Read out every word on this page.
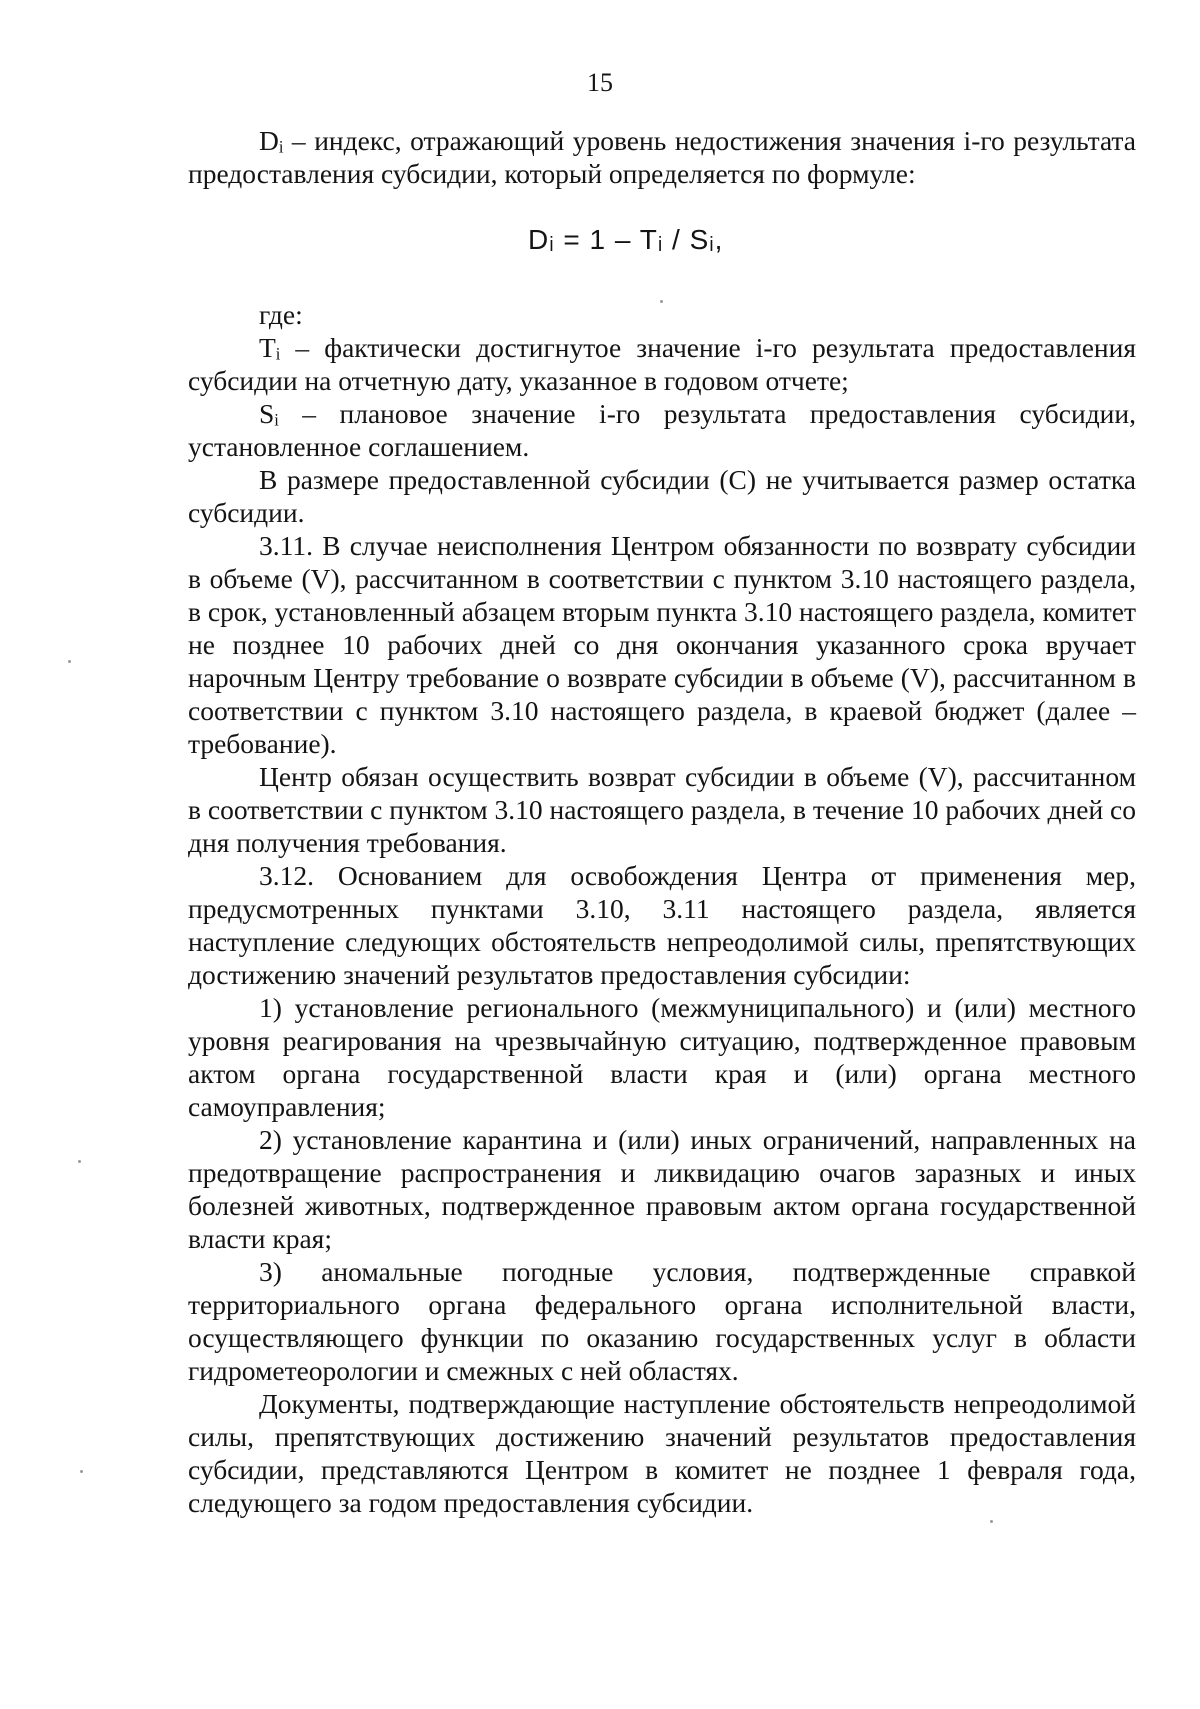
15

Dᵢ – индекс, отражающий уровень недостижения значения i-го результата предоставления субсидии, который определяется по формуле:

Dᵢ = 1 – Tᵢ / Sᵢ,

где:

Tᵢ – фактически достигнутое значение i-го результата предоставления субсидии на отчетную дату, указанное в годовом отчете;

Sᵢ – плановое значение i-го результата предоставления субсидии, установленное соглашением.

В размере предоставленной субсидии (С) не учитывается размер остатка субсидии.

3.11. В случае неисполнения Центром обязанности по возврату субсидии в объеме (V), рассчитанном в соответствии с пунктом 3.10 настоящего раздела, в срок, установленный абзацем вторым пункта 3.10 настоящего раздела, комитет не позднее 10 рабочих дней со дня окончания указанного срока вручает нарочным Центру требование о возврате субсидии в объеме (V), рассчитанном в соответствии с пунктом 3.10 настоящего раздела, в краевой бюджет (далее – требование).

Центр обязан осуществить возврат субсидии в объеме (V), рассчитанном в соответствии с пунктом 3.10 настоящего раздела, в течение 10 рабочих дней со дня получения требования.

3.12. Основанием для освобождения Центра от применения мер, предусмотренных пунктами 3.10, 3.11 настоящего раздела, является наступление следующих обстоятельств непреодолимой силы, препятствующих достижению значений результатов предоставления субсидии:

1) установление регионального (межмуниципального) и (или) местного уровня реагирования на чрезвычайную ситуацию, подтвержденное правовым актом органа государственной власти края и (или) органа местного самоуправления;

2) установление карантина и (или) иных ограничений, направленных на предотвращение распространения и ликвидацию очагов заразных и иных болезней животных, подтвержденное правовым актом органа государственной власти края;

3) аномальные погодные условия, подтвержденные справкой территориального органа федерального органа исполнительной власти, осуществляющего функции по оказанию государственных услуг в области гидрометеорологии и смежных с ней областях.

Документы, подтверждающие наступление обстоятельств непреодолимой силы, препятствующих достижению значений результатов предоставления субсидии, представляются Центром в комитет не позднее 1 февраля года, следующего за годом предоставления субсидии.
